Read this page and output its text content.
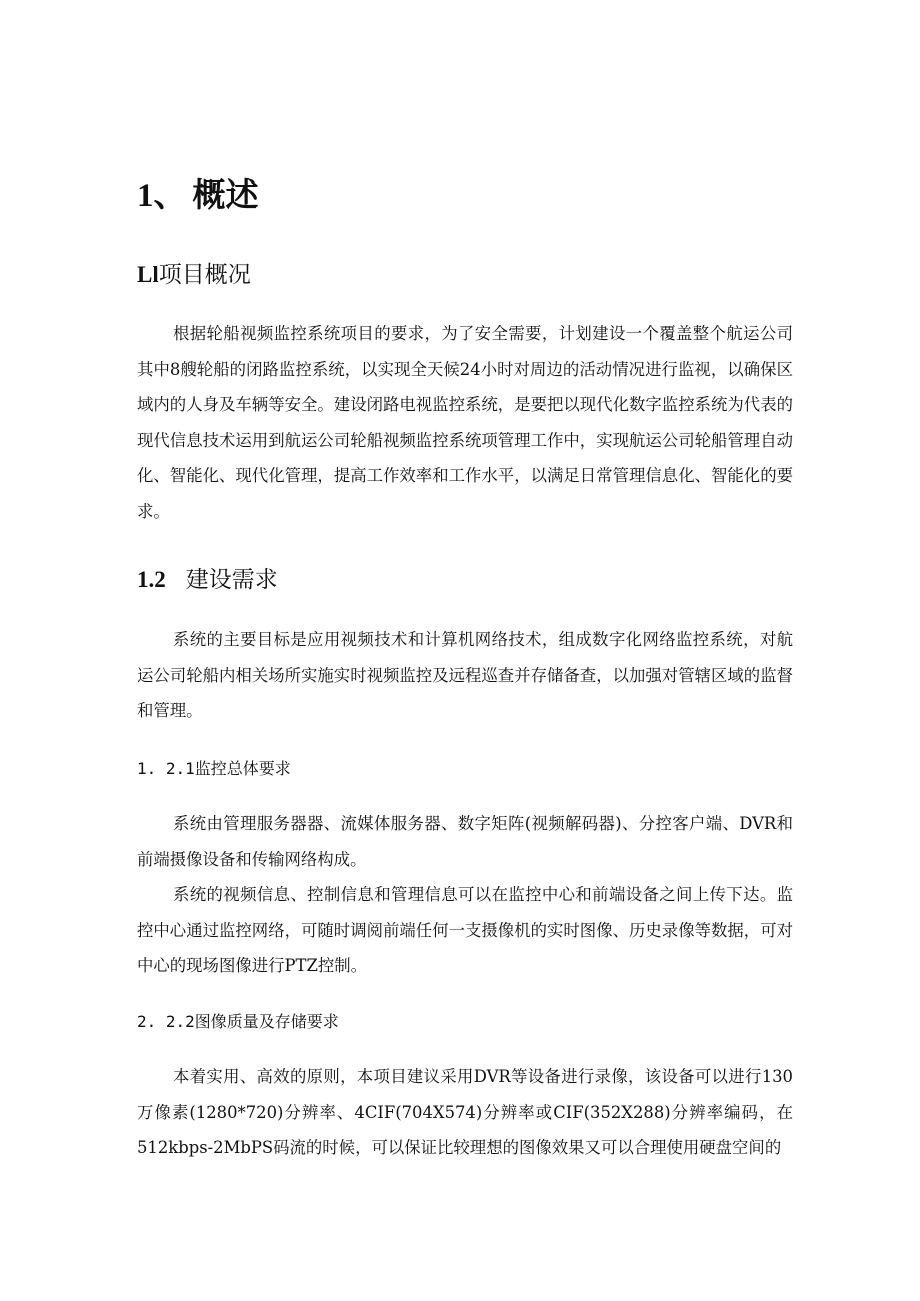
1、 概述
Ll项目概况

根据轮船视频监控系统项目的要求，为了安全需要，计划建设一个覆盖整个航运公司其中8艘轮船的闭路监控系统，以实现全天候24小时对周边的活动情况进行监视，以确保区域内的人身及车辆等安全。建设闭路电视监控系统，是要把以现代化数字监控系统为代表的现代信息技术运用到航运公司轮船视频监控系统项管理工作中，实现航运公司轮船管理自动化、智能化、现代化管理，提高工作效率和工作水平，以满足日常管理信息化、智能化的要求。

1.2 建设需求

系统的主要目标是应用视频技术和计算机网络技术，组成数字化网络监控系统，对航运公司轮船内相关场所实施实时视频监控及远程巡查并存储备查，以加强对管辖区域的监督和管理。

1. 2.1监控总体要求

系统由管理服务器器、流媒体服务器、数字矩阵(视频解码器)、分控客户端、DVR和前端摄像设备和传输网络构成。

系统的视频信息、控制信息和管理信息可以在监控中心和前端设备之间上传下达。监控中心通过监控网络，可随时调阅前端任何一支摄像机的实时图像、历史录像等数据，可对中心的现场图像进行PTZ控制。

2. 2.2图像质量及存储要求

本着实用、高效的原则，本项目建议采用DVR等设备进行录像，该设备可以进行130万像素(1280*720)分辨率、4CIF(704X574)分辨率或CIF(352X288)分辨率编码，在512kbps-2MbPS码流的时候，可以保证比较理想的图像效果又可以合理使用硬盘空间的
